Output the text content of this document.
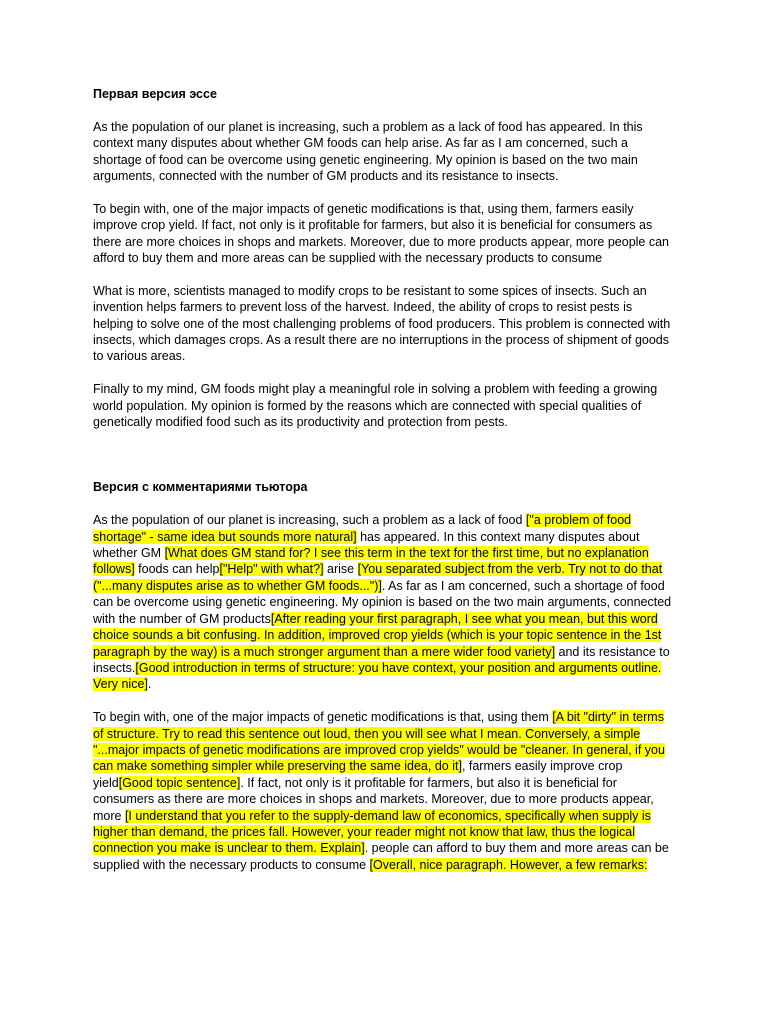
Первая версия эссе

As the population of our planet is increasing, such a problem as a lack of food has appeared. In this context many disputes about whether GM foods can help arise. As far as I am concerned, such a shortage of food can be overcome using genetic engineering. My opinion is based on the two main arguments, connected with the number of GM products and its resistance to insects.

To begin with, one of the major impacts of genetic modifications is that, using them, farmers easily improve crop yield. If fact, not only is it profitable for farmers, but also it is beneficial for consumers as there are more choices in shops and markets. Moreover, due to more products appear, more people can afford to buy them and more areas can be supplied with the necessary products to consume

What is more, scientists managed to modify crops to be resistant to some spices of insects. Such an invention helps farmers to prevent loss of the harvest. Indeed, the ability of crops to resist pests is helping to solve one of the most challenging problems of food producers. This problem is connected with insects, which damages crops. As a result there are no interruptions in the process of shipment of goods to various areas.

Finally to my mind, GM foods might play a meaningful role in solving a problem with feeding a growing world population. My opinion is formed by the reasons which are connected with special qualities of genetically modified food such as its productivity and protection from pests.

Версия с комментариями тьютора

As the population of our planet is increasing, such a problem as a lack of food ["a problem of food shortage" - same idea but sounds more natural] has appeared. In this context many disputes about whether GM [What does GM stand for? I see this term in the text for the first time, but no explanation follows] foods can help["Help" with what?] arise [You separated subject from the verb. Try not to do that ("...many disputes arise as to whether GM foods...")]. As far as I am concerned, such a shortage of food can be overcome using genetic engineering. My opinion is based on the two main arguments, connected with the number of GM products[After reading your first paragraph, I see what you mean, but this word choice sounds a bit confusing. In addition, improved crop yields (which is your topic sentence in the 1st paragraph by the way) is a much stronger argument than a mere wider food variety] and its resistance to insects.[Good introduction in terms of structure: you have context, your position and arguments outline. Very nice].

To begin with, one of the major impacts of genetic modifications is that, using them [A bit "dirty" in terms of structure. Try to read this sentence out loud, then you will see what I mean. Conversely, a simple "...major impacts of genetic modifications are improved crop yields" would be "cleaner. In general, if you can make something simpler while preserving the same idea, do it], farmers easily improve crop yield[Good topic sentence]. If fact, not only is it profitable for farmers, but also it is beneficial for consumers as there are more choices in shops and markets. Moreover, due to more products appear, more [I understand that you refer to the supply-demand law of economics, specifically when supply is higher than demand, the prices fall. However, your reader might not know that law, thus the logical connection you make is unclear to them. Explain]. people can afford to buy them and more areas can be supplied with the necessary products to consume [Overall, nice paragraph. However, a few remarks:
